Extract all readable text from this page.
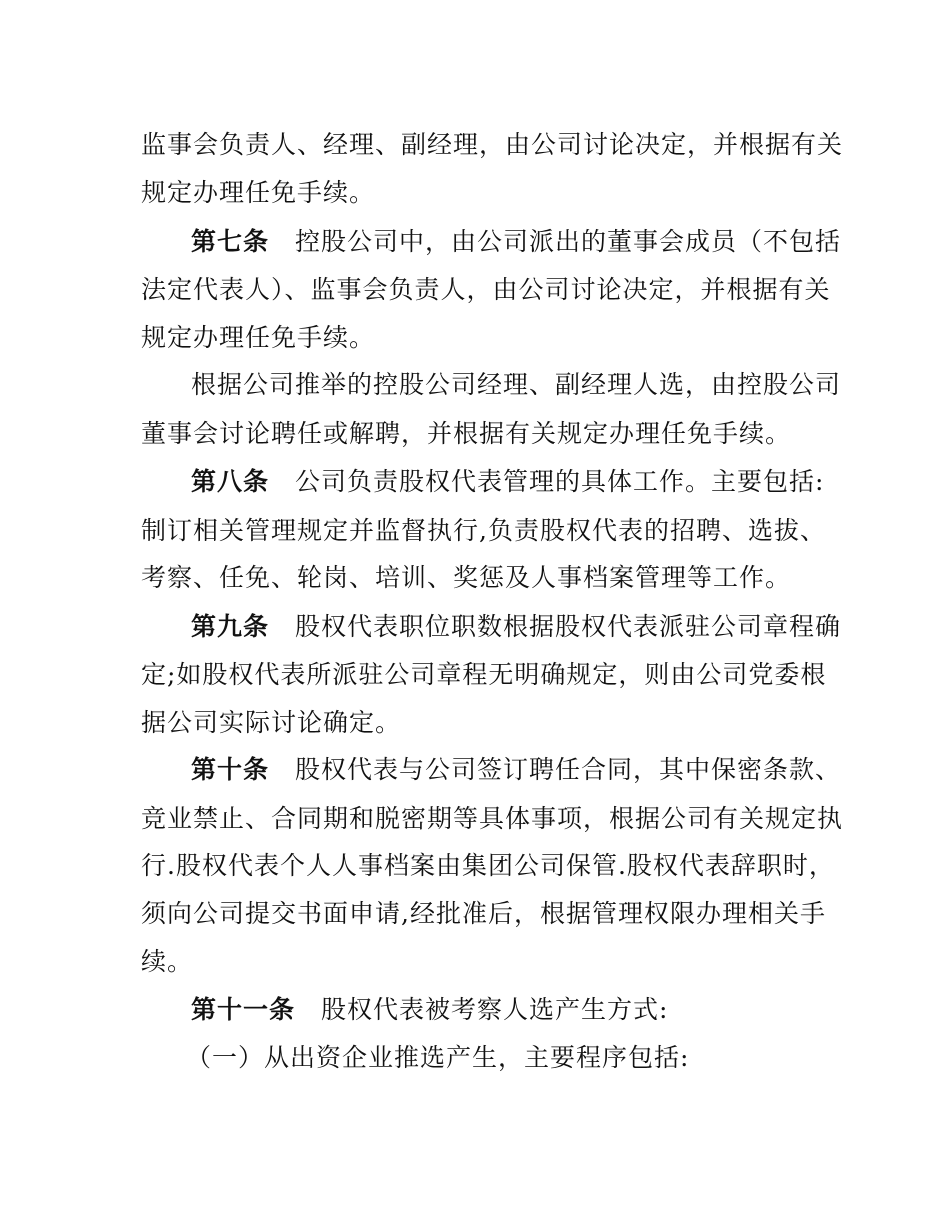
监事会负责人、经理、副经理，由公司讨论决定，并根据有关
规定办理任免手续。
第七条 控股公司中，由公司派出的董事会成员（不包括
法定代表人）、监事会负责人，由公司讨论决定，并根据有关
规定办理任免手续。
根据公司推举的控股公司经理、副经理人选，由控股公司
董事会讨论聘任或解聘，并根据有关规定办理任免手续。
第八条 公司负责股权代表管理的具体工作。主要包括:
制订相关管理规定并监督执行,负责股权代表的招聘、选拔、
考察、任免、轮岗、培训、奖惩及人事档案管理等工作。
第九条 股权代表职位职数根据股权代表派驻公司章程确
定;如股权代表所派驻公司章程无明确规定，则由公司党委根
据公司实际讨论确定。
第十条 股权代表与公司签订聘任合同，其中保密条款、
竞业禁止、合同期和脱密期等具体事项，根据公司有关规定执
行.股权代表个人人事档案由集团公司保管.股权代表辞职时，
须向公司提交书面申请,经批准后，根据管理权限办理相关手
续。
第十一条 股权代表被考察人选产生方式:
（一）从出资企业推选产生，主要程序包括:
